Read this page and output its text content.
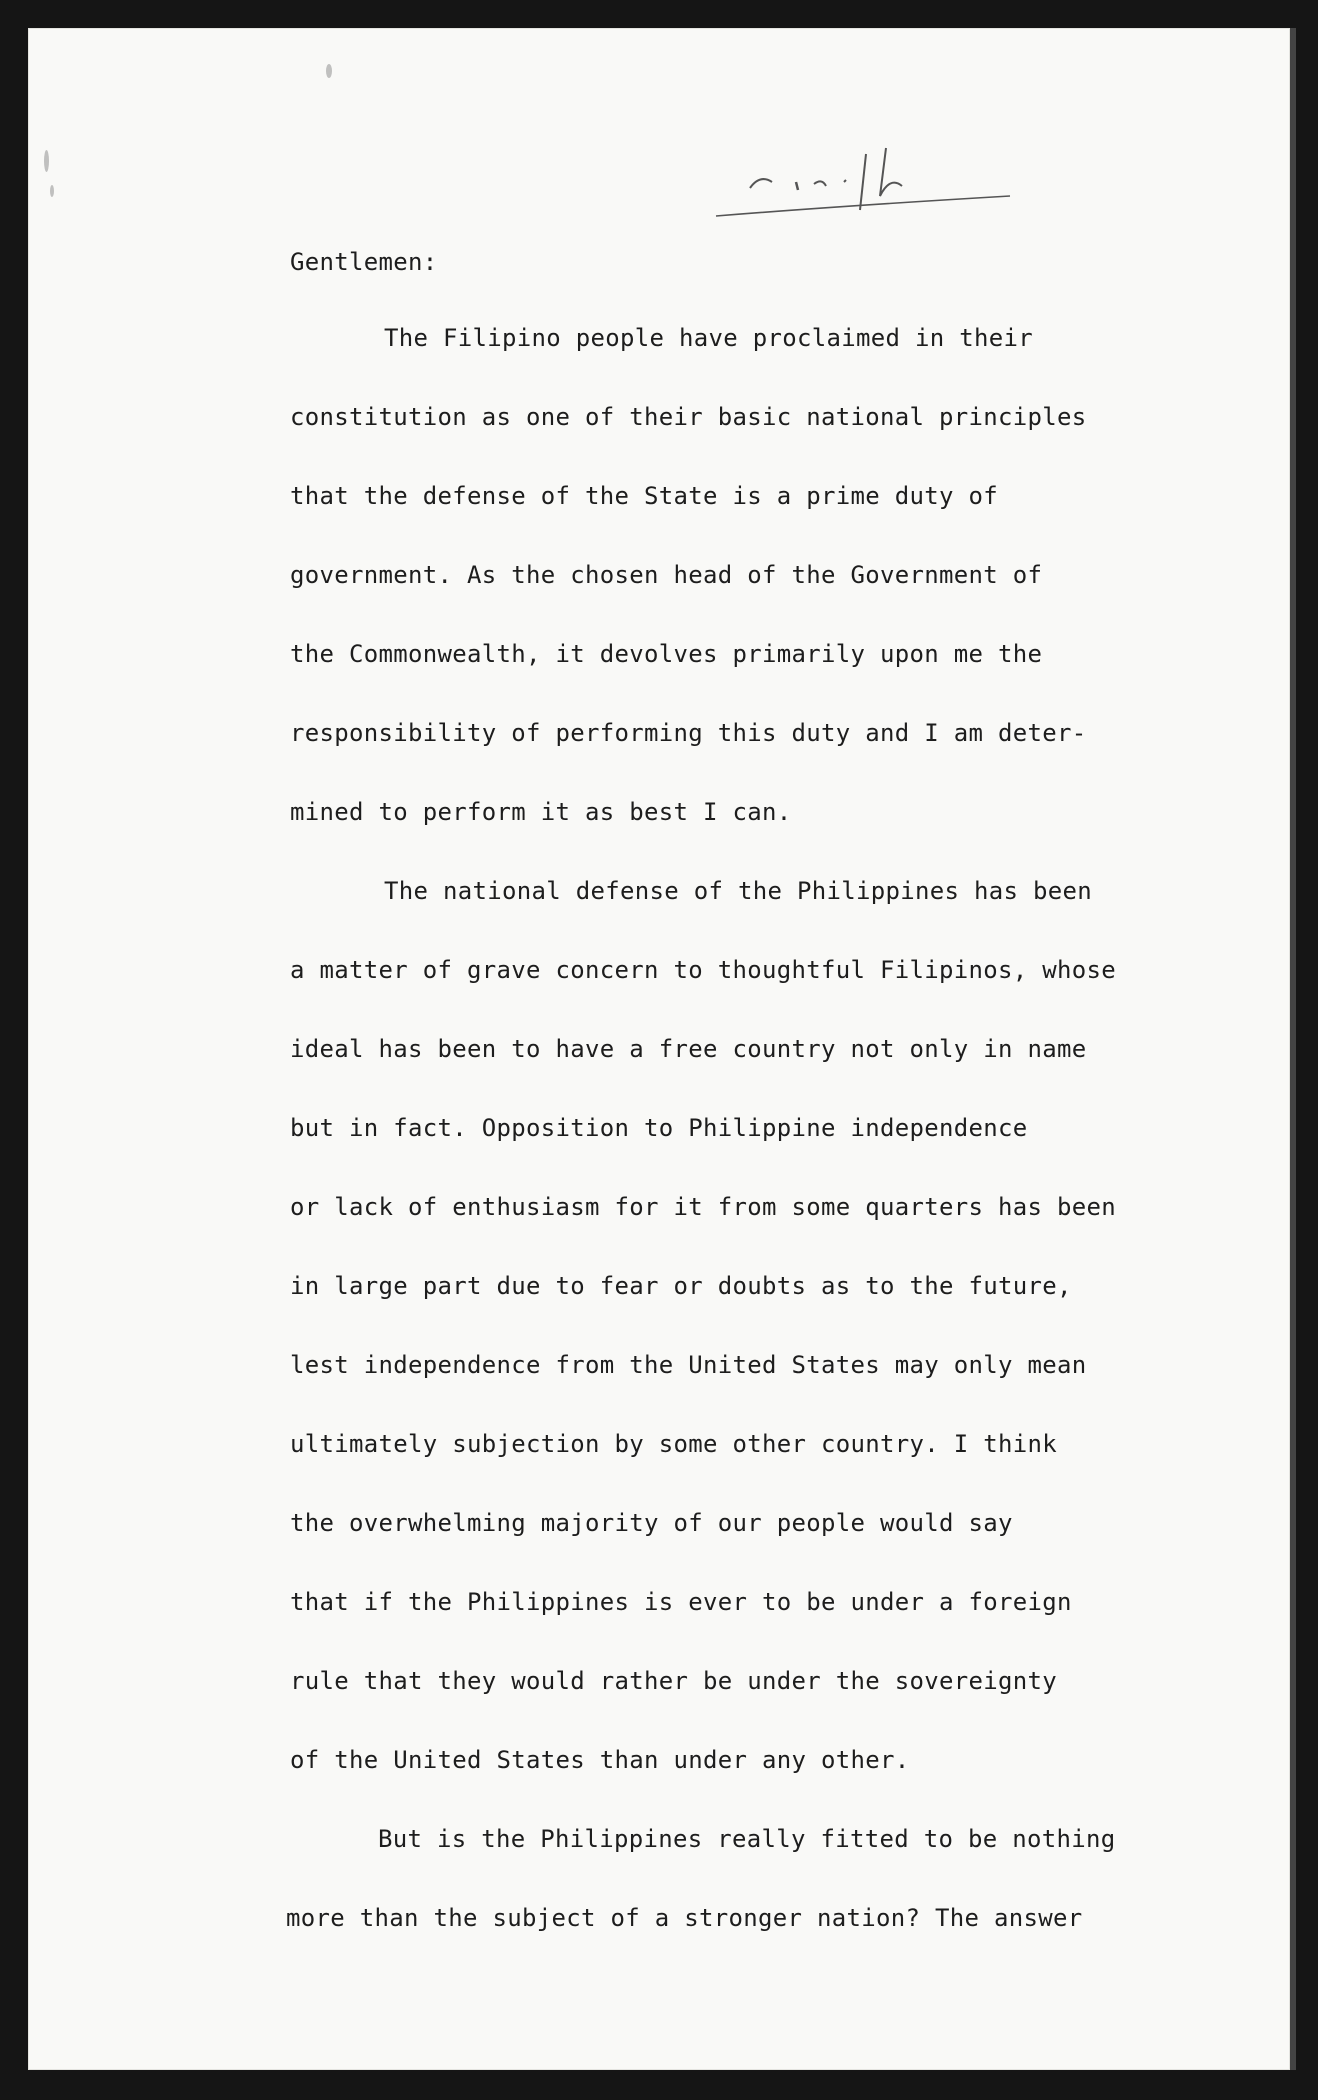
Gentlemen:

The Filipino people have proclaimed in their

constitution as one of their basic national principles

that the defense of the State is a prime duty of

government. As the chosen head of the Government of

the Commonwealth, it devolves primarily upon me the

responsibility of performing this duty and I am deter-

mined to perform it as best I can.

The national defense of the Philippines has been

a matter of grave concern to thoughtful Filipinos, whose

ideal has been to have a free country not only in name

but in fact. Opposition to Philippine independence

or lack of enthusiasm for it from some quarters has been

in large part due to fear or doubts as to the future,

lest independence from the United States may only mean

ultimately subjection by some other country. I think

the overwhelming majority of our people would say

that if the Philippines is ever to be under a foreign

rule that they would rather be under the sovereignty

of the United States than under any other.

But is the Philippines really fitted to be nothing

more than the subject of a stronger nation? The answer
